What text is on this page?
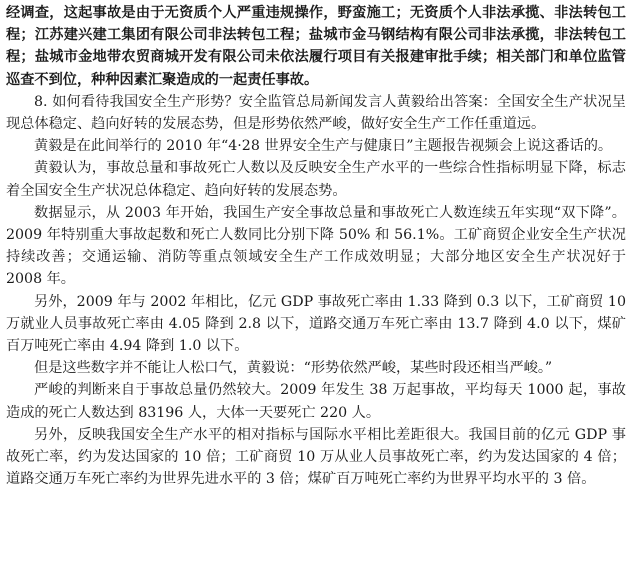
经调查，这起事故是由于无资质个人严重违规操作，野蛮施工；无资质个人非法承揽、非法转包工程；江苏建兴建工集团有限公司非法转包工程；盐城市金马钢结构有限公司非法承揽，非法转包工程；盐城市金地带农贸商城开发有限公司未依法履行项目有关报建审批手续；相关部门和单位监管巡查不到位，种种因素汇聚造成的一起责任事故。

8. 如何看待我国安全生产形势？安全监管总局新闻发言人黄毅给出答案：全国安全生产状况呈现总体稳定、趋向好转的发展态势，但是形势依然严峻，做好安全生产工作任重道远。

黄毅是在此间举行的 2010 年“4·28 世界安全生产与健康日”主题报告视频会上说这番话的。

黄毅认为，事故总量和事故死亡人数以及反映安全生产水平的一些综合性指标明显下降，标志着全国安全生产状况总体稳定、趋向好转的发展态势。

数据显示，从 2003 年开始，我国生产安全事故总量和事故死亡人数连续五年实现“双下降”。2009 年特别重大事故起数和死亡人数同比分别下降 50% 和 56.1%。工矿商贸企业安全生产状况持续改善；交通运输、消防等重点领域安全生产工作成效明显；大部分地区安全生产状况好于 2008 年。

另外，2009 年与 2002 年相比，亿元 GDP 事故死亡率由 1.33 降到 0.3 以下，工矿商贸 10 万就业人员事故死亡率由 4.05 降到 2.8 以下，道路交通万车死亡率由 13.7 降到 4.0 以下，煤矿百万吨死亡率由 4.94 降到 1.0 以下。

但是这些数字并不能让人松口气，黄毅说：“形势依然严峻，某些时段还相当严峻。”

严峻的判断来自于事故总量仍然较大。2009 年发生 38 万起事故，平均每天 1000 起，事故造成的死亡人数达到 83196 人，大体一天要死亡 220 人。

另外，反映我国安全生产水平的相对指标与国际水平相比差距很大。我国目前的亿元 GDP 事故死亡率，约为发达国家的 10 倍；工矿商贸 10 万从业人员事故死亡率，约为发达国家的 4 倍；道路交通万车死亡率约为世界先进水平的 3 倍；煤矿百万吨死亡率约为世界平均水平的 3 倍。
